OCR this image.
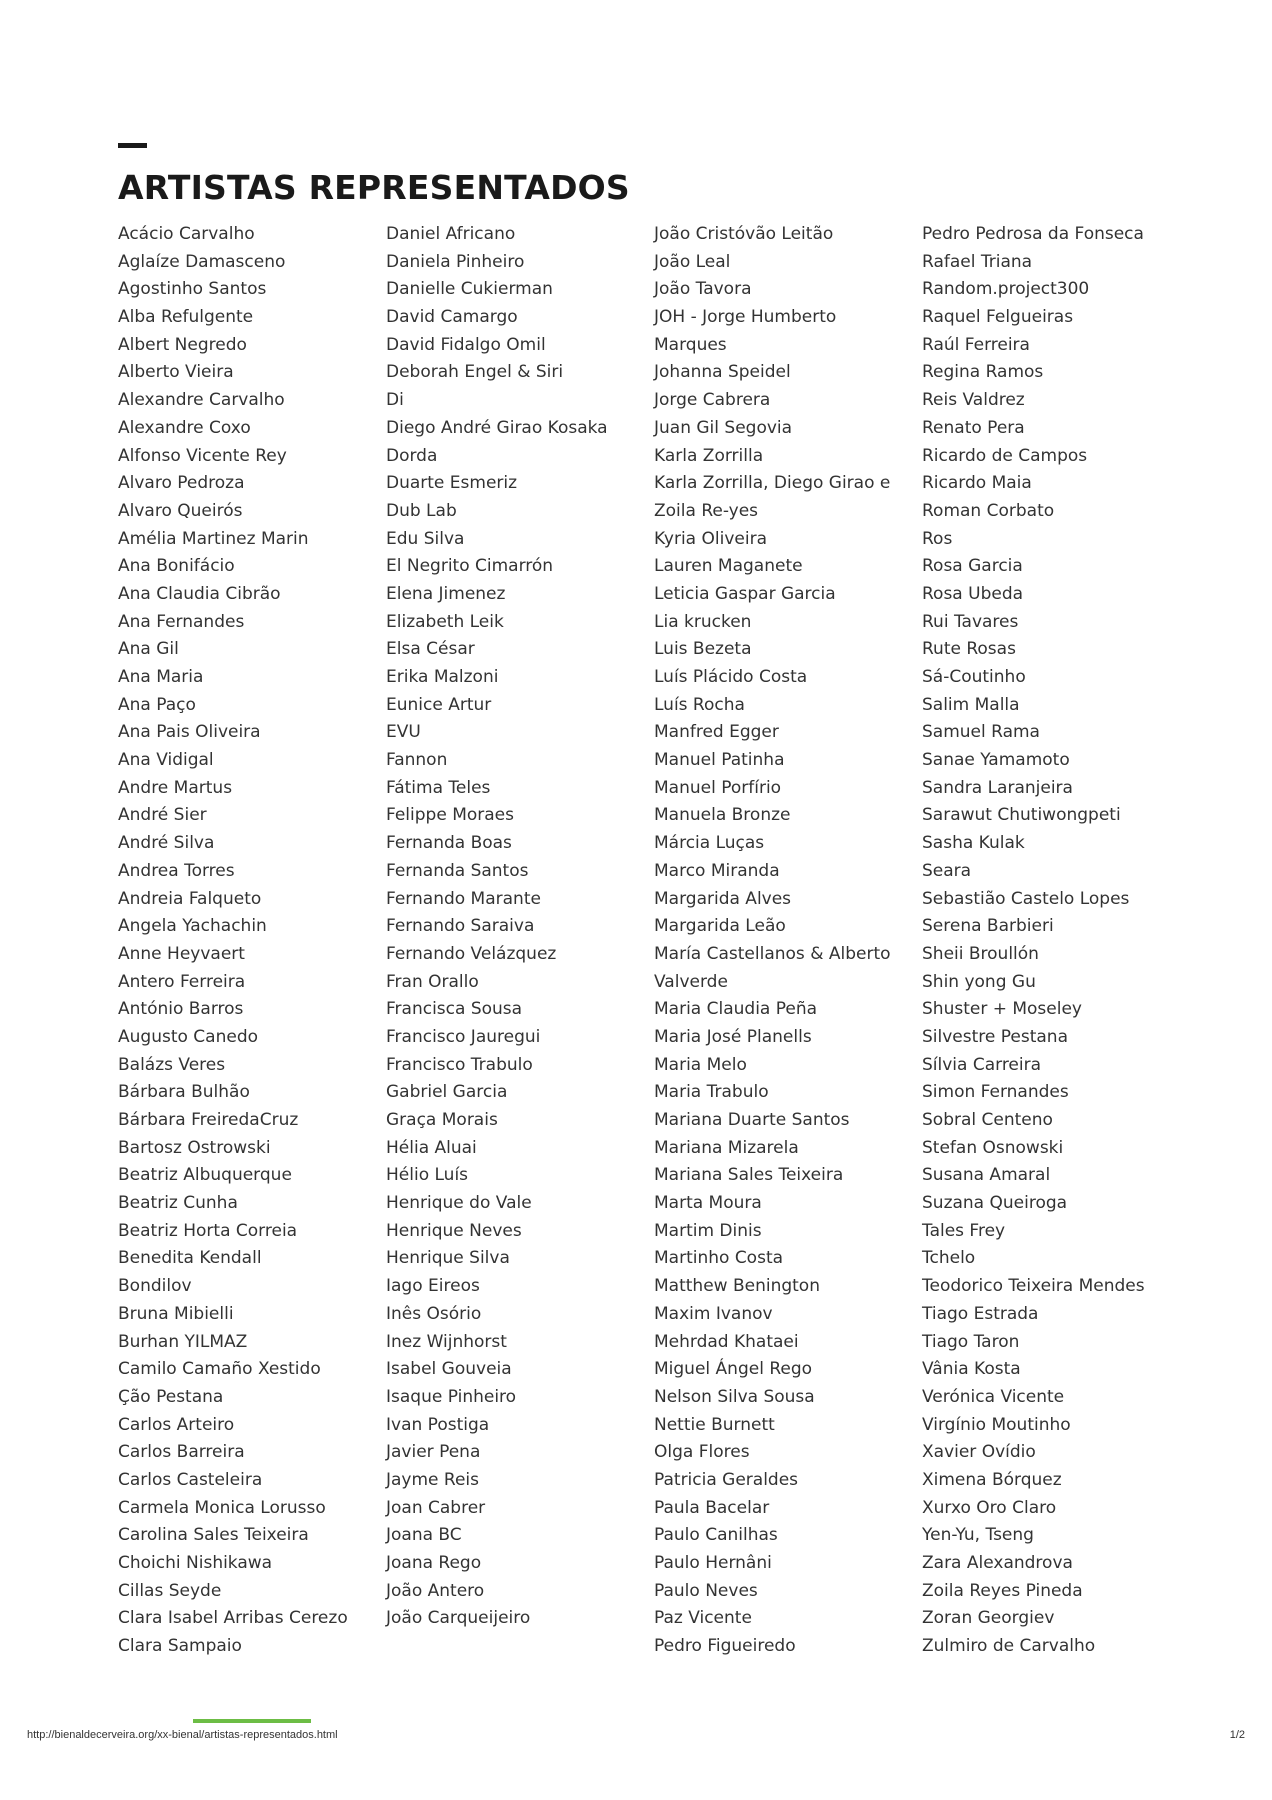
ARTISTAS REPRESENTADOS
Acácio Carvalho
Aglaíze Damasceno
Agostinho Santos
Alba Refulgente
Albert Negredo
Alberto Vieira
Alexandre Carvalho
Alexandre Coxo
Alfonso Vicente Rey
Alvaro Pedroza
Alvaro Queirós
Amélia Martinez Marin
Ana Bonifácio
Ana Claudia Cibrão
Ana Fernandes
Ana Gil
Ana Maria
Ana Paço
Ana Pais Oliveira
Ana Vidigal
Andre Martus
André Sier
André Silva
Andrea Torres
Andreia Falqueto
Angela Yachachin
Anne Heyvaert
Antero Ferreira
António Barros
Augusto Canedo
Balázs Veres
Bárbara Bulhão
Bárbara FreiredaCruz
Bartosz Ostrowski
Beatriz Albuquerque
Beatriz Cunha
Beatriz Horta Correia
Benedita Kendall
Bondilov
Bruna Mibielli
Burhan YILMAZ
Camilo Camaño Xestido
Ção Pestana
Carlos Arteiro
Carlos Barreira
Carlos Casteleira
Carmela Monica Lorusso
Carolina Sales Teixeira
Choichi Nishikawa
Cillas Seyde
Clara Isabel Arribas Cerezo
Clara Sampaio
Daniel Africano
Daniela Pinheiro
Danielle Cukierman
David Camargo
David Fidalgo Omil
Deborah Engel & Siri
Di
Diego André Girao Kosaka
Dorda
Duarte Esmeriz
Dub Lab
Edu Silva
El Negrito Cimarrón
Elena Jimenez
Elizabeth Leik
Elsa César
Erika Malzoni
Eunice Artur
EVU
Fannon
Fátima Teles
Felippe Moraes
Fernanda Boas
Fernanda Santos
Fernando Marante
Fernando Saraiva
Fernando Velázquez
Fran Orallo
Francisca Sousa
Francisco Jauregui
Francisco Trabulo
Gabriel Garcia
Graça Morais
Hélia Aluai
Hélio Luís
Henrique do Vale
Henrique Neves
Henrique Silva
Iago Eireos
Inês Osório
Inez Wijnhorst
Isabel Gouveia
Isaque Pinheiro
Ivan Postiga
Javier Pena
Jayme Reis
Joan Cabrer
Joana BC
Joana Rego
João Antero
João Carqueijeiro
João Cristóvão Leitão
João Leal
João Tavora
JOH - Jorge Humberto
Marques
Johanna Speidel
Jorge Cabrera
Juan Gil Segovia
Karla Zorrilla
Karla Zorrilla, Diego Girao e
Zoila Re-yes
Kyria Oliveira
Lauren Maganete
Leticia Gaspar Garcia
Lia krucken
Luis Bezeta
Luís Plácido Costa
Luís Rocha
Manfred Egger
Manuel Patinha
Manuel Porfírio
Manuela Bronze
Márcia Luças
Marco Miranda
Margarida Alves
Margarida Leão
María Castellanos & Alberto
Valverde
Maria Claudia Peña
Maria José Planells
Maria Melo
Maria Trabulo
Mariana Duarte Santos
Mariana Mizarela
Mariana Sales Teixeira
Marta Moura
Martim Dinis
Martinho Costa
Matthew Benington
Maxim Ivanov
Mehrdad Khataei
Miguel Ángel Rego
Nelson Silva Sousa
Nettie Burnett
Olga Flores
Patricia Geraldes
Paula Bacelar
Paulo Canilhas
Paulo Hernâni
Paulo Neves
Paz Vicente
Pedro Figueiredo
Pedro Pedrosa da Fonseca
Rafael Triana
Random.project300
Raquel Felgueiras
Raúl Ferreira
Regina Ramos
Reis Valdrez
Renato Pera
Ricardo de Campos
Ricardo Maia
Roman Corbato
Ros
Rosa Garcia
Rosa Ubeda
Rui Tavares
Rute Rosas
Sá-Coutinho
Salim Malla
Samuel Rama
Sanae Yamamoto
Sandra Laranjeira
Sarawut Chutiwongpeti
Sasha Kulak
Seara
Sebastião Castelo Lopes
Serena Barbieri
Sheii Broullón
Shin yong Gu
Shuster + Moseley
Silvestre Pestana
Sílvia Carreira
Simon Fernandes
Sobral Centeno
Stefan Osnowski
Susana Amaral
Suzana Queiroga
Tales Frey
Tchelo
Teodorico Teixeira Mendes
Tiago Estrada
Tiago Taron
Vânia Kosta
Verónica Vicente
Virgínio Moutinho
Xavier Ovídio
Ximena Bórquez
Xurxo Oro Claro
Yen-Yu, Tseng
Zara Alexandrova
Zoila Reyes Pineda
Zoran Georgiev
Zulmiro de Carvalho
http://bienaldecerveira.org/xx-bienal/artistas-representados.html	1/2
